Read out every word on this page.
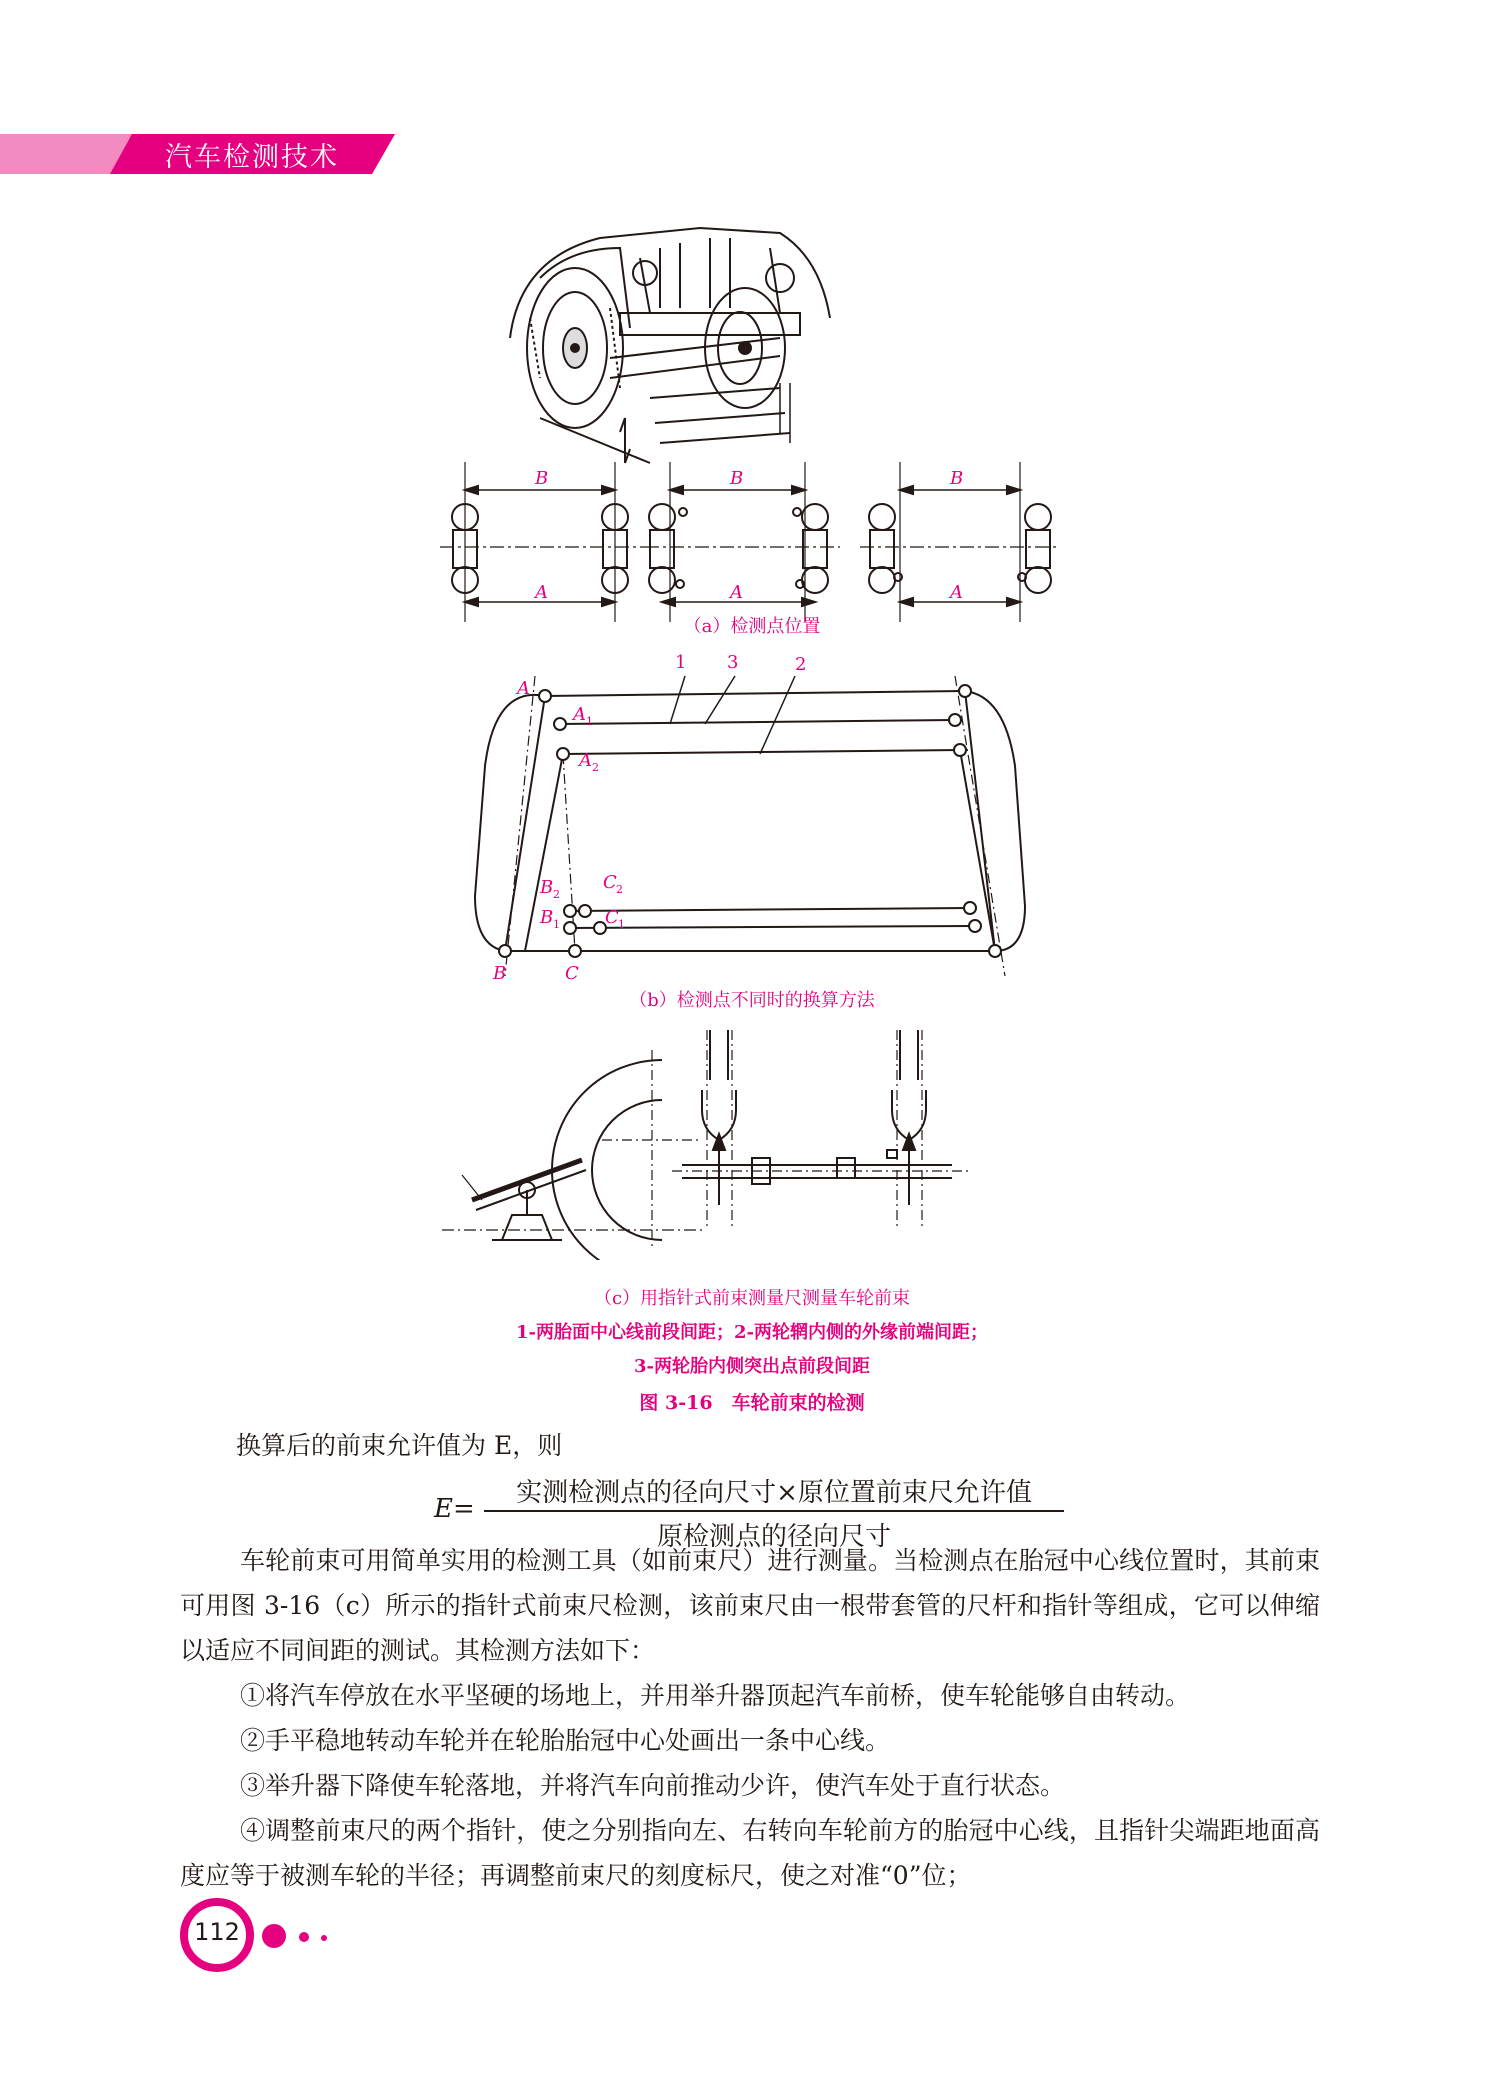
汽车检测技术
B
A
B
A
B
A
（a）检测点位置
1 3	2
A
A 1
A 2
B 2
C 2
B 1	C 1
B	C
（b）检测点不同时的换算方法
（c）用指针式前束测量尺测量车轮前束
1-两胎面中心线前段间距；2-两轮辋内侧的外缘前端间距；
3-两轮胎内侧突出点前段间距
图 3-16　车轮前束的检测

换算后的前束允许值为 E，则

E=
实测检测点的径向尺寸×原位置前束尺允许值
原检测点的径向尺寸

车轮前束可用简单实用的检测工具（如前束尺）进行测量。当检测点在胎冠中心线位置时，其前束可用图 3-16（c）所示的指针式前束尺检测，该前束尺由一根带套管的尺杆和指针等组成，它可以伸缩以适应不同间距的测试。其检测方法如下：

①将汽车停放在水平坚硬的场地上，并用举升器顶起汽车前桥，使车轮能够自由转动。

②手平稳地转动车轮并在轮胎胎冠中心处画出一条中心线。

③举升器下降使车轮落地，并将汽车向前推动少许，使汽车处于直行状态。

④调整前束尺的两个指针，使之分别指向左、右转向车轮前方的胎冠中心线，且指针尖端距地面高度应等于被测车轮的半径；再调整前束尺的刻度标尺，使之对准“0”位；

112
